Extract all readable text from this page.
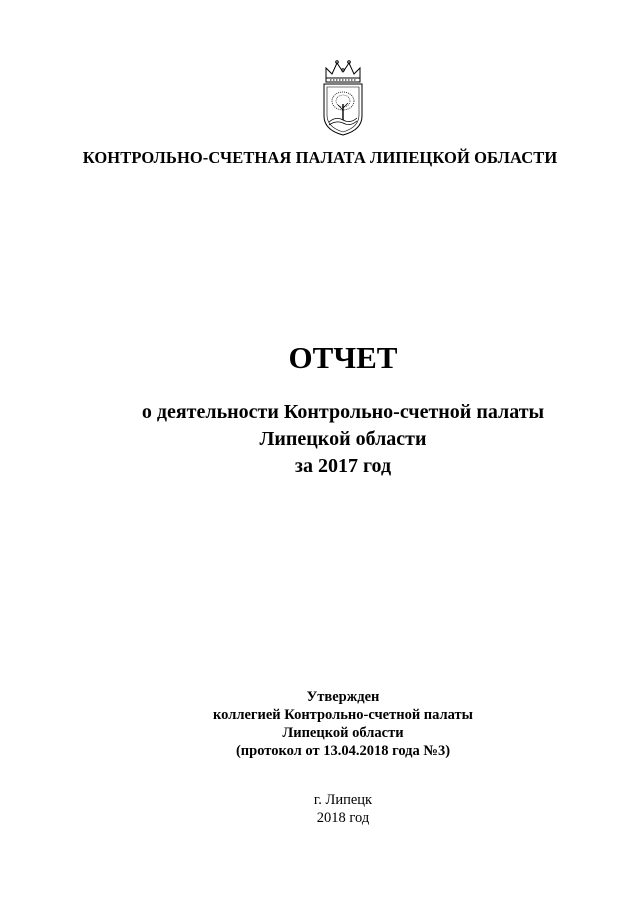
КОНТРОЛЬНО-СЧЕТНАЯ ПАЛАТА ЛИПЕЦКОЙ ОБЛАСТИ
ОТЧЕТ
о деятельности Контрольно-счетной палаты
Липецкой области
за 2017 год
Утвержден
коллегией Контрольно-счетной палаты
Липецкой области
(протокол от 13.04.2018 года №3)
г. Липецк
2018 год
